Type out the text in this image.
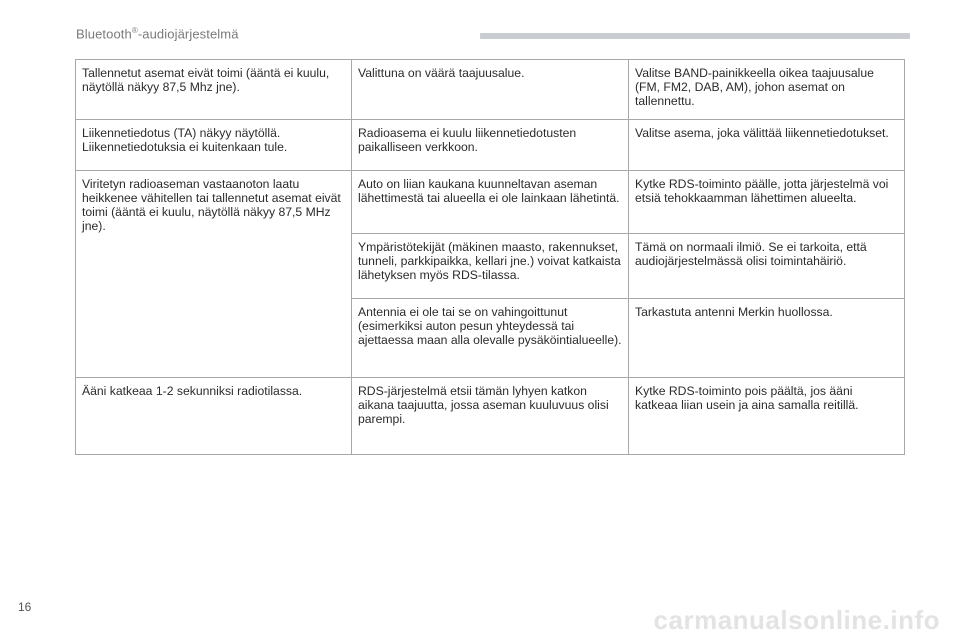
Bluetooth®-audiojärjestelmä
Tallennetut asemat eivät toimi (ääntä ei kuulu, näytöllä näkyy 87,5 Mhz jne).	Valittuna on väärä taajuusalue.	Valitse BAND-painikkeella oikea taajuusalue (FM, FM2, DAB, AM), johon asemat on tallennettu.
Liikennetiedotus (TA) näkyy näytöllä. Liikennetiedotuksia ei kuitenkaan tule.	Radioasema ei kuulu liikennetiedotusten paikalliseen verkkoon.	Valitse asema, joka välittää liikennetiedotukset.
Viritetyn radioaseman vastaanoton laatu heikkenee vähitellen tai tallennetut asemat eivät toimi (ääntä ei kuulu, näytöllä näkyy 87,5 MHz jne).	Auto on liian kaukana kuunneltavan aseman lähettimestä tai alueella ei ole lainkaan lähetintä.	Kytke RDS-toiminto päälle, jotta järjestelmä voi etsiä tehokkaamman lähettimen alueelta.
	Ympäristötekijät (mäkinen maasto, rakennukset, tunneli, parkkipaikka, kellari jne.) voivat katkaista lähetyksen myös RDS-tilassa.	Tämä on normaali ilmiö. Se ei tarkoita, että audiojärjestelmässä olisi toimintahäiriö.
	Antennia ei ole tai se on vahingoittunut (esimerkiksi auton pesun yhteydessä tai ajettaessa maan alla olevalle pysäköintialueelle).	Tarkastuta antenni Merkin huollossa.
Ääni katkeaa 1-2 sekunniksi radiotilassa.	RDS-järjestelmä etsii tämän lyhyen katkon aikana taajuutta, jossa aseman kuuluvuus olisi parempi.	Kytke RDS-toiminto pois päältä, jos ääni katkeaa liian usein ja aina samalla reitillä.
16	carmanualsonline.info
